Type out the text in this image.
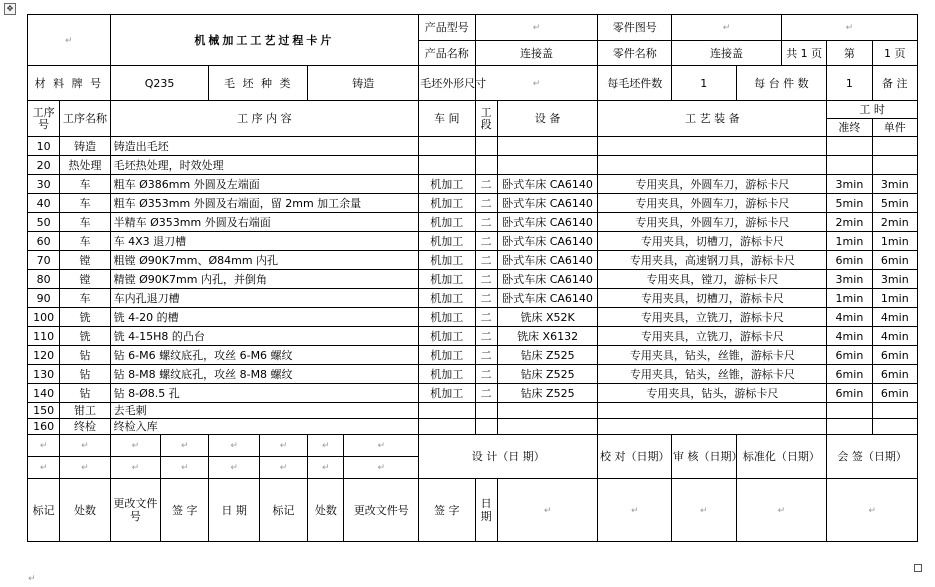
✥
↵		机械加工工艺过程卡片						产品型号	↵		零件图号	↵		↵		
								产品名称	连接盖		零件名称	连接盖		共 1 页	第	1 页
材 料 牌 号		Q235		毛 坯 种 类		铸造		毛坯外形尺寸	↵		每毛坯件数	1	每 台 件 数		1	备 注
工序号	工序名称	工 序 内 容						车 间	工段	设 备	工 艺 装 备				工 时	
															准终	单件
10	铸造	铸造出毛坯														
20	热处理	毛坯热处理，时效处理														
30	车	粗车 Ø386mm 外圆及左端面						机加工	二	卧式车床 CA6140	专用夹具，外圆车刀，游标卡尺				3min	3min
40	车	粗车 Ø353mm 外圆及右端面，留 2mm 加工余量						机加工	二	卧式车床 CA6140	专用夹具，外圆车刀，游标卡尺				5min	5min
50	车	半精车 Ø353mm 外圆及右端面						机加工	二	卧式车床 CA6140	专用夹具，外圆车刀，游标卡尺				2min	2min
60	车	车 4X3 退刀槽						机加工	二	卧式车床 CA6140	专用夹具，切槽刀，游标卡尺				1min	1min
70	镗	粗镗 Ø90K7mm、Ø84mm 内孔						机加工	二	卧式车床 CA6140	专用夹具，高速钢刀具，游标卡尺				6min	6min
80	镗	精镗 Ø90K7mm 内孔，并倒角						机加工	二	卧式车床 CA6140	专用夹具，镗刀，游标卡尺				3min	3min
90	车	车内孔退刀槽						机加工	二	卧式车床 CA6140	专用夹具，切槽刀，游标卡尺				1min	1min
100	铣	铣 4-20 的槽						机加工	二	铣床 X52K	专用夹具，立铣刀，游标卡尺				4min	4min
110	铣	铣 4-15H8 的凸台						机加工	二	铣床 X6132	专用夹具，立铣刀，游标卡尺				4min	4min
120	钻	钻 6-M6 螺纹底孔，攻丝 6-M6 螺纹						机加工	二	钻床 Z525	专用夹具，钻头，丝锥，游标卡尺				6min	6min
130	钻	钻 8-M8 螺纹底孔，攻丝 8-M8 螺纹						机加工	二	钻床 Z525	专用夹具，钻头，丝锥，游标卡尺				6min	6min
140	钻	钻 8-Ø8.5 孔						机加工	二	钻床 Z525	专用夹具，钻头，游标卡尺				6min	6min
150	钳工	去毛刺														
160	终检	终检入库														
↵	↵	↵	↵	↵	↵	↵	↵	设 计（日 期）			校 对（日期）	审 核（日期）	标准化（日期）		会 签（日期）	
↵	↵	↵	↵	↵	↵	↵	↵									
标记	处数	更改文件号	签 字	日 期	标记	处数	更改文件号	签 字	日期	↵	↵	↵	↵		↵	
↵
